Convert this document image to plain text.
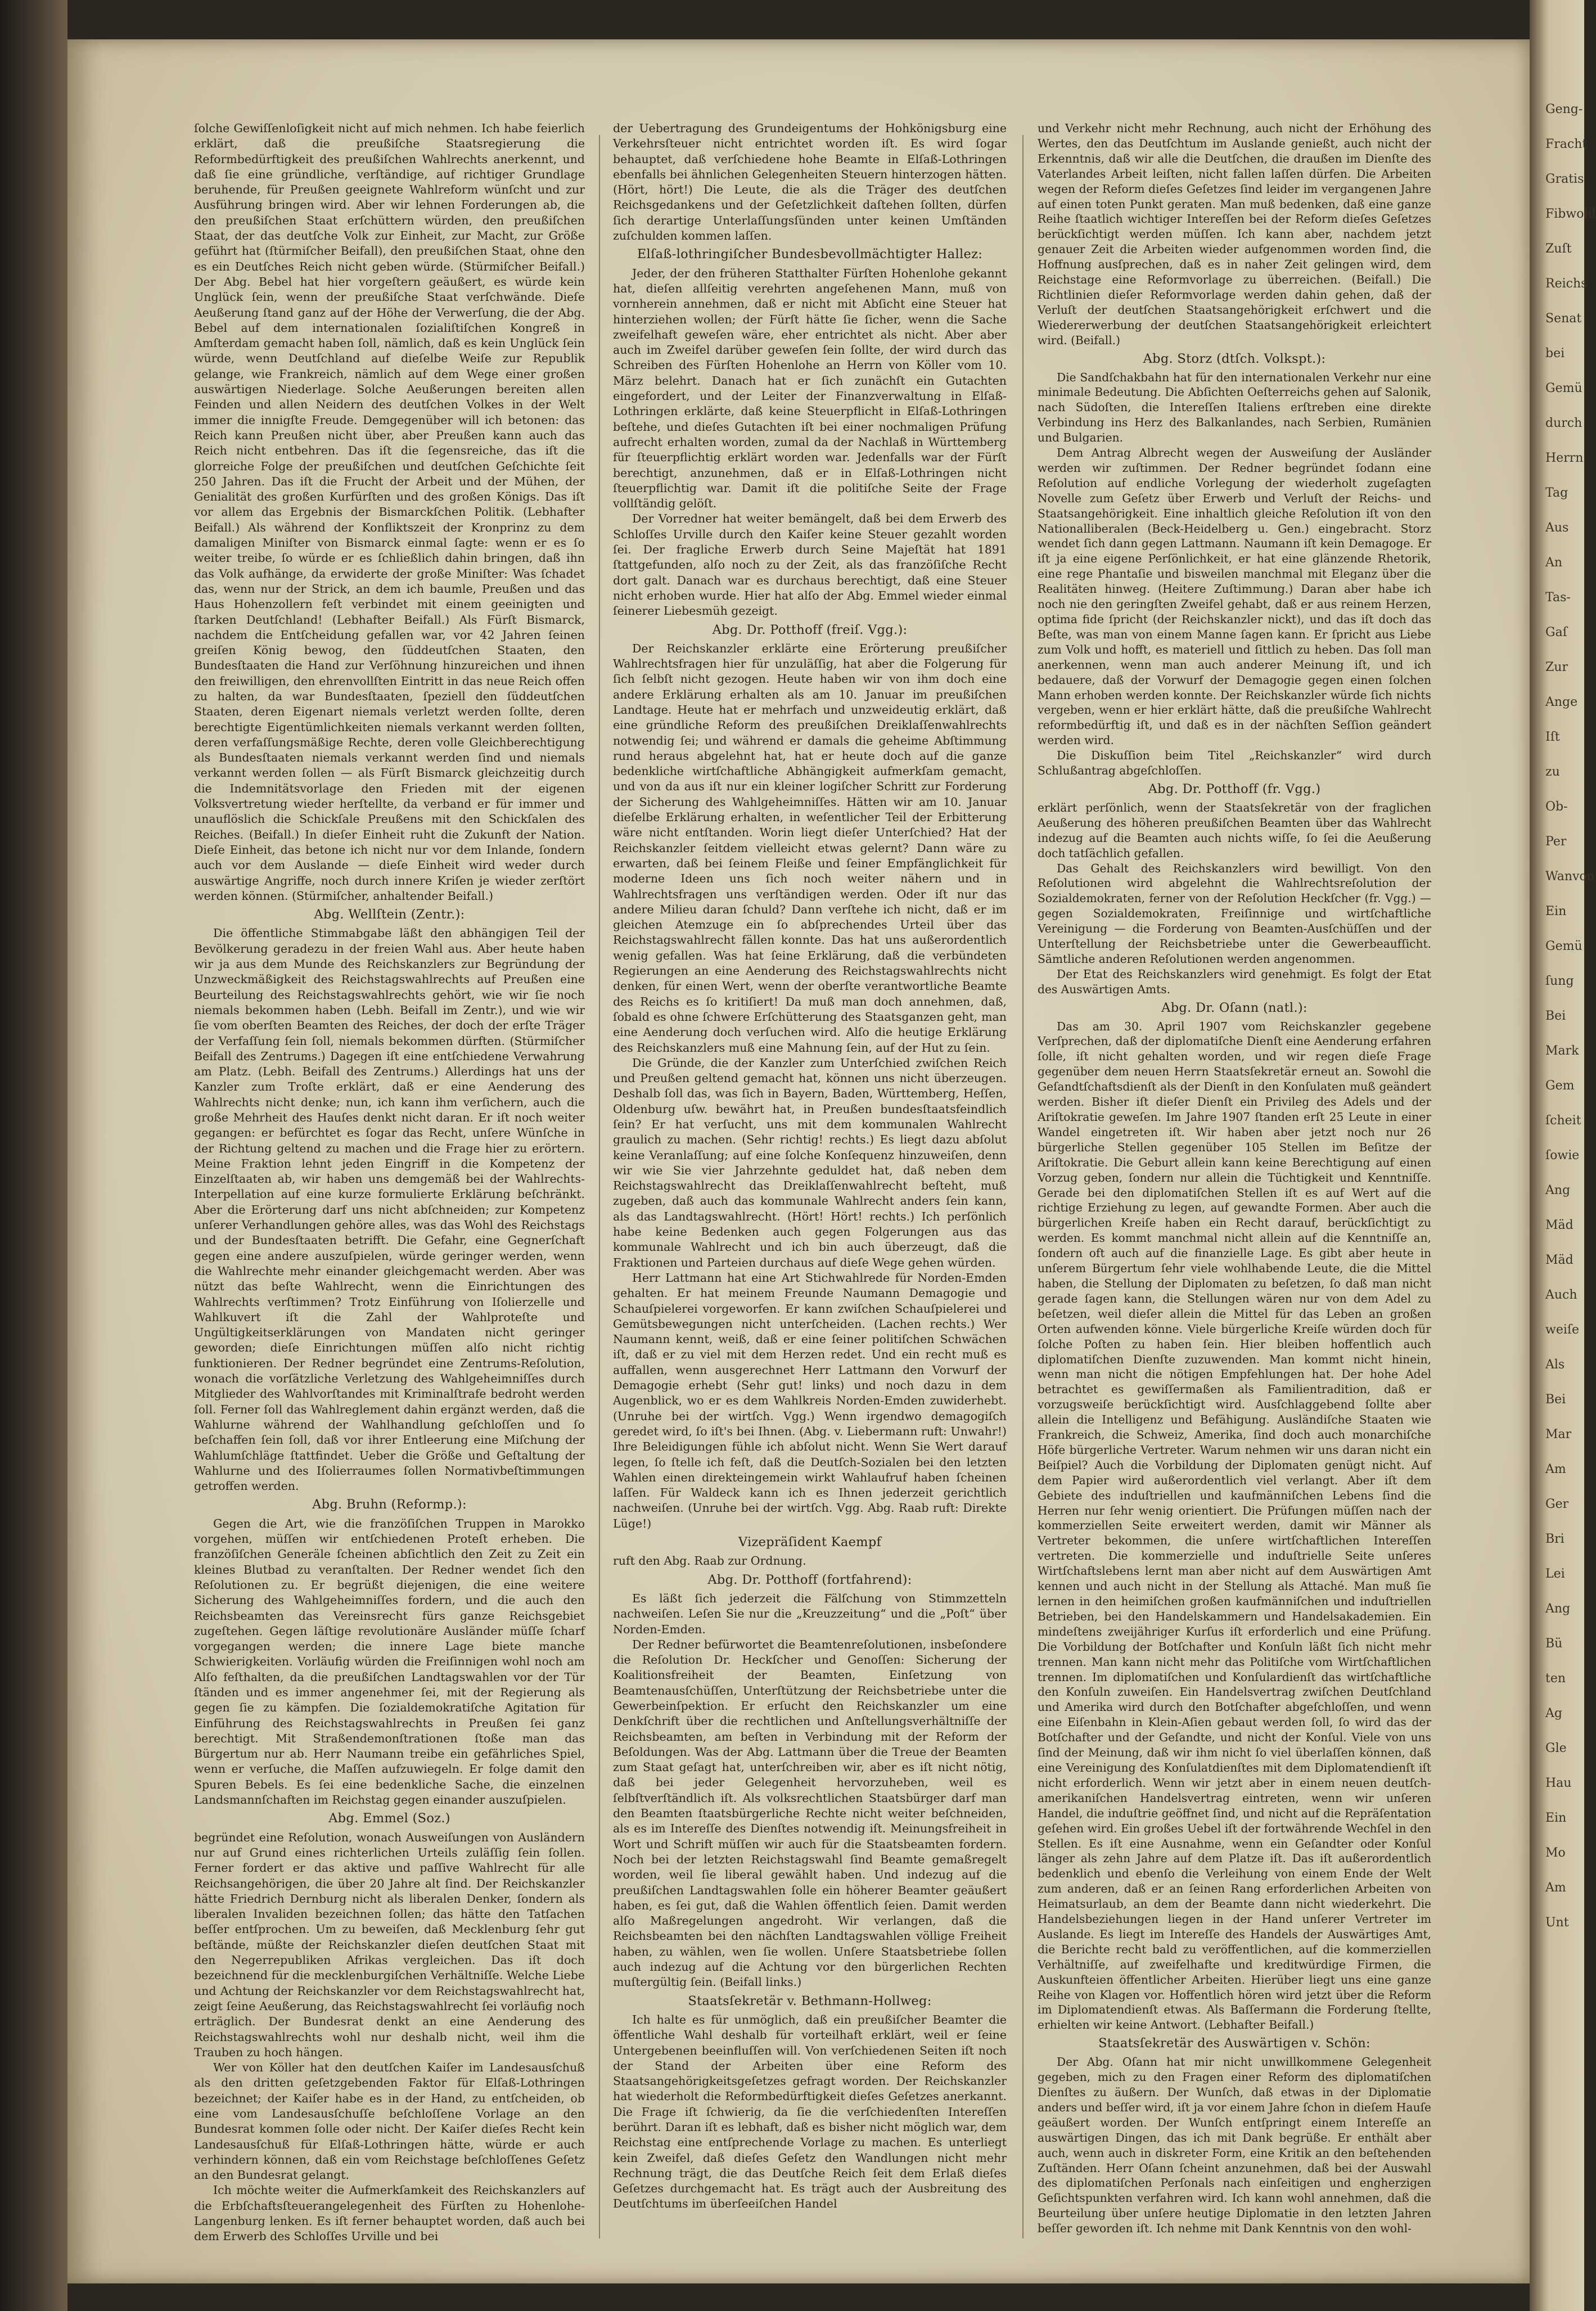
ſolche Gewiſſenloſigkeit nicht auf mich nehmen. Ich habe feierlich erklärt, daß die preußiſche Staatsregierung die Reformbedürftigkeit des preußiſchen Wahlrechts anerkennt, und daß ſie eine gründliche, verſtändige, auf richtiger Grundlage beruhende, für Preußen geeignete Wahlreform wünſcht und zur Ausführung bringen wird. Aber wir lehnen Forderungen ab, die den preußiſchen Staat erſchüttern würden, den preußiſchen Staat, der das deutſche Volk zur Einheit, zur Macht, zur Größe geführt hat (ſtürmiſcher Beifall), den preußiſchen Staat, ohne den es ein Deutſches Reich nicht geben würde. (Stürmiſcher Beifall.) Der Abg. Bebel hat hier vorgeſtern geäußert, es würde kein Unglück ſein, wenn der preußiſche Staat verſchwände. Dieſe Aeußerung ſtand ganz auf der Höhe der Verwerſung, die der Abg. Bebel auf dem internationalen ſozialiſtiſchen Kongreß in Amſterdam gemacht haben ſoll, nämlich, daß es kein Unglück ſein würde, wenn Deutſchland auf dieſelbe Weiſe zur Republik gelange, wie Frankreich, nämlich auf dem Wege einer großen auswärtigen Niederlage. Solche Aeußerungen bereiten allen Feinden und allen Neidern des deutſchen Volkes in der Welt immer die innigſte Freude. Demgegenüber will ich betonen: das Reich kann Preußen nicht über, aber Preußen kann auch das Reich nicht entbehren. Das iſt die ſegensreiche, das iſt die glorreiche Folge der preußiſchen und deutſchen Geſchichte ſeit 250 Jahren. Das iſt die Frucht der Arbeit und der Mühen, der Genialität des großen Kurfürſten und des großen Königs. Das iſt vor allem das Ergebnis der Bismarckſchen Politik. (Lebhafter Beifall.) Als während der Konfliktszeit der Kronprinz zu dem damaligen Miniſter von Bismarck einmal ſagte: wenn er es ſo weiter treibe, ſo würde er es ſchließlich dahin bringen, daß ihn das Volk aufhänge, da erwiderte der große Miniſter: Was ſchadet das, wenn nur der Strick, an dem ich baumle, Preußen und das Haus Hohenzollern feſt verbindet mit einem geeinigten und ſtarken Deutſchland! (Lebhafter Beifall.) Als Fürſt Bismarck, nachdem die Entſcheidung gefallen war, vor 42 Jahren ſeinen greiſen König bewog, den ſüddeutſchen Staaten, den Bundesſtaaten die Hand zur Verſöhnung hinzureichen und ihnen den freiwilligen, den ehrenvollſten Eintritt in das neue Reich offen zu halten, da war Bundesſtaaten, ſpeziell den ſüddeutſchen Staaten, deren Eigenart niemals verletzt werden ſollte, deren berechtigte Eigentümlichkeiten niemals verkannt werden ſollten, deren verfaſſungsmäßige Rechte, deren volle Gleichberechtigung als Bundesſtaaten niemals verkannt werden ſind und niemals verkannt werden ſollen — als Fürſt Bismarck gleichzeitig durch die Indemnitätsvorlage den Frieden mit der eigenen Volksvertretung wieder herſtellte, da verband er für immer und unauflöslich die Schickſale Preußens mit den Schickſalen des Reiches. (Beifall.) In dieſer Einheit ruht die Zukunft der Nation. Dieſe Einheit, das betone ich nicht nur vor dem Inlande, ſondern auch vor dem Auslande — dieſe Einheit wird weder durch auswärtige Angriffe, noch durch innere Kriſen je wieder zerſtört werden können. (Stürmiſcher, anhaltender Beifall.)

Abg. Wellſtein (Zentr.):

Die öffentliche Stimmabgabe läßt den abhängigen Teil der Bevölkerung geradezu in der freien Wahl aus. Aber heute haben wir ja aus dem Munde des Reichskanzlers zur Begründung der Unzweckmäßigkeit des Reichstagswahlrechts auf Preußen eine Beurteilung des Reichstagswahlrechts gehört, wie wir ſie noch niemals bekommen haben (Lebh. Beifall im Zentr.), und wie wir ſie vom oberſten Beamten des Reiches, der doch der erſte Träger der Verfaſſung ſein ſoll, niemals bekommen dürften. (Stürmiſcher Beifall des Zentrums.) Dagegen iſt eine entſchiedene Verwahrung am Platz. (Lebh. Beifall des Zentrums.) Allerdings hat uns der Kanzler zum Troſte erklärt, daß er eine Aenderung des Wahlrechts nicht denke; nun, ich kann ihm verſichern, auch die große Mehrheit des Hauſes denkt nicht daran. Er iſt noch weiter gegangen: er befürchtet es ſogar das Recht, unſere Wünſche in der Richtung geltend zu machen und die Frage hier zu erörtern. Meine Fraktion lehnt jeden Eingriff in die Kompetenz der Einzelſtaaten ab, wir haben uns demgemäß bei der Wahlrechts-Interpellation auf eine kurze formulierte Erklärung beſchränkt. Aber die Erörterung darf uns nicht abſchneiden; zur Kompetenz unſerer Verhandlungen gehöre alles, was das Wohl des Reichstags und der Bundesſtaaten betrifft. Die Gefahr, eine Gegnerſchaft gegen eine andere auszuſpielen, würde geringer werden, wenn die Wahlrechte mehr einander gleichgemacht werden. Aber was nützt das beſte Wahlrecht, wenn die Einrichtungen des Wahlrechts verſtimmen? Trotz Einführung von Iſolierzelle und Wahlkuvert iſt die Zahl der Wahlproteſte und Ungültigkeitserklärungen von Mandaten nicht geringer geworden; dieſe Einrichtungen müſſen alſo nicht richtig funktionieren. Der Redner begründet eine Zentrums-Reſolution, wonach die vorſätzliche Verletzung des Wahlgeheimniſſes durch Mitglieder des Wahlvorſtandes mit Kriminalſtrafe bedroht werden ſoll. Ferner ſoll das Wahlreglement dahin ergänzt werden, daß die Wahlurne während der Wahlhandlung geſchloſſen und ſo beſchaffen ſein ſoll, daß vor ihrer Entleerung eine Miſchung der Wahlumſchläge ſtattfindet. Ueber die Größe und Geſtaltung der Wahlurne und des Iſolierraumes ſollen Normativbeſtimmungen getroffen werden.

Abg. Bruhn (Reformp.):

Gegen die Art, wie die franzöſiſchen Truppen in Marokko vorgehen, müſſen wir entſchiedenen Proteſt erheben. Die franzöſiſchen Generäle ſcheinen abſichtlich den Zeit zu Zeit ein kleines Blutbad zu veranſtalten. Der Redner wendet ſich den Reſolutionen zu. Er begrüßt diejenigen, die eine weitere Sicherung des Wahlgeheimniſſes fordern, und die auch den Reichsbeamten das Vereinsrecht fürs ganze Reichsgebiet zugeſtehen. Gegen läſtige revolutionäre Ausländer müſſe ſcharf vorgegangen werden; die innere Lage biete manche Schwierigkeiten. Vorläufig würden die Freiſinnigen wohl noch am Alſo feſthalten, da die preußiſchen Landtagswahlen vor der Tür ſtänden und es immer angenehmer ſei, mit der Regierung als gegen ſie zu kämpfen. Die ſozialdemokratiſche Agitation für Einführung des Reichstagswahlrechts in Preußen ſei ganz berechtigt. Mit Straßendemonſtrationen ſtoße man das Bürgertum nur ab. Herr Naumann treibe ein gefährliches Spiel, wenn er verſuche, die Maſſen aufzuwiegeln. Er folge damit den Spuren Bebels. Es ſei eine bedenkliche Sache, die einzelnen Landsmannſchaften im Reichstag gegen einander auszuſpielen.

Abg. Emmel (Soz.)

begründet eine Reſolution, wonach Ausweiſungen von Ausländern nur auf Grund eines richterlichen Urteils zuläſſig ſein ſollen. Ferner fordert er das aktive und paſſive Wahlrecht für alle Reichsangehörigen, die über 20 Jahre alt ſind. Der Reichskanzler hätte Friedrich Dernburg nicht als liberalen Denker, ſondern als liberalen Invaliden bezeichnen ſollen; das hätte den Tatſachen beſſer entſprochen. Um zu beweiſen, daß Mecklenburg ſehr gut beſtände, müßte der Reichskanzler dieſen deutſchen Staat mit den Negerrepubliken Afrikas vergleichen. Das iſt doch bezeichnend für die mecklenburgiſchen Verhältniſſe. Welche Liebe und Achtung der Reichskanzler vor dem Reichstagswahlrecht hat, zeigt ſeine Aeußerung, das Reichstagswahlrecht ſei vorläufig noch erträglich. Der Bundesrat denkt an eine Aenderung des Reichstagswahlrechts wohl nur deshalb nicht, weil ihm die Trauben zu hoch hängen.

Wer von Köller hat den deutſchen Kaiſer im Landesausſchuß als den dritten geſetzgebenden Faktor für Elſaß-Lothringen bezeichnet; der Kaiſer habe es in der Hand, zu entſcheiden, ob eine vom Landesausſchuſſe beſchloſſene Vorlage an den Bundesrat kommen ſolle oder nicht. Der Kaiſer dieſes Recht kein Landesausſchuß für Elſaß-Lothringen hätte, würde er auch verhindern können, daß ein vom Reichstage beſchloſſenes Geſetz an den Bundesrat gelangt.

Ich möchte weiter die Aufmerkſamkeit des Reichskanzlers auf die Erbſchaftsſteuerangelegenheit des Fürſten zu Hohenlohe-Langenburg lenken. Es iſt ferner behauptet worden, daß auch bei dem Erwerb des Schloſſes Urville und bei

der Uebertragung des Grundeigentums der Hohkönigsburg eine Verkehrsſteuer nicht entrichtet worden iſt. Es wird ſogar behauptet, daß verſchiedene hohe Beamte in Elſaß-Lothringen ebenfalls bei ähnlichen Gelegenheiten Steuern hinterzogen hätten. (Hört, hört!) Die Leute, die als die Träger des deutſchen Reichsgedankens und der Geſetzlichkeit daſtehen ſollten, dürfen ſich derartige Unterlaſſungsſünden unter keinen Umſtänden zuſchulden kommen laſſen.

Elſaß-lothringiſcher Bundesbevollmächtigter Hallez:

Jeder, der den früheren Statthalter Fürſten Hohenlohe gekannt hat, dieſen allſeitig verehrten angeſehenen Mann, muß von vornherein annehmen, daß er nicht mit Abſicht eine Steuer hat hinterziehen wollen; der Fürſt hätte ſie ſicher, wenn die Sache zweifelhaft geweſen wäre, eher entrichtet als nicht. Aber aber auch im Zweifel darüber geweſen ſein ſollte, der wird durch das Schreiben des Fürſten Hohenlohe an Herrn von Köller vom 10. März belehrt. Danach hat er ſich zunächſt ein Gutachten eingefordert, und der Leiter der Finanzverwaltung in Elſaß-Lothringen erklärte, daß keine Steuerpflicht in Elſaß-Lothringen beſtehe, und dieſes Gutachten iſt bei einer nochmaligen Prüfung aufrecht erhalten worden, zumal da der Nachlaß in Württemberg für ſteuerpflichtig erklärt worden war. Jedenfalls war der Fürſt berechtigt, anzunehmen, daß er in Elſaß-Lothringen nicht ſteuerpflichtig war. Damit iſt die politiſche Seite der Frage vollſtändig gelöſt.

Der Vorredner hat weiter bemängelt, daß bei dem Erwerb des Schloſſes Urville durch den Kaiſer keine Steuer gezahlt worden ſei. Der fragliche Erwerb durch Seine Majeſtät hat 1891 ſtattgefunden, alſo noch zu der Zeit, als das franzöſiſche Recht dort galt. Danach war es durchaus berechtigt, daß eine Steuer nicht erhoben wurde. Hier hat alſo der Abg. Emmel wieder einmal ſeinerer Liebesmüh gezeigt.

Abg. Dr. Potthoff (freiſ. Vgg.):

Der Reichskanzler erklärte eine Erörterung preußiſcher Wahlrechtsfragen hier für unzuläſſig, hat aber die Folgerung für ſich ſelbſt nicht gezogen. Heute haben wir von ihm doch eine andere Erklärung erhalten als am 10. Januar im preußiſchen Landtage. Heute hat er mehrfach und unzweideutig erklärt, daß eine gründliche Reform des preußiſchen Dreiklaſſenwahlrechts notwendig ſei; und während er damals die geheime Abſtimmung rund heraus abgelehnt hat, hat er heute doch auf die ganze bedenkliche wirtſchaftliche Abhängigkeit aufmerkſam gemacht, und von da aus iſt nur ein kleiner logiſcher Schritt zur Forderung der Sicherung des Wahlgeheimniſſes. Hätten wir am 10. Januar dieſelbe Erklärung erhalten, in weſentlicher Teil der Erbitterung wäre nicht entſtanden. Worin liegt dieſer Unterſchied? Hat der Reichskanzler ſeitdem vielleicht etwas gelernt? Dann wäre zu erwarten, daß bei ſeinem Fleiße und ſeiner Empfänglichkeit für moderne Ideen uns ſich noch weiter nähern und in Wahlrechtsfragen uns verſtändigen werden. Oder iſt nur das andere Milieu daran ſchuld? Dann verſtehe ich nicht, daß er im gleichen Atemzuge ein ſo abſprechendes Urteil über das Reichstagswahlrecht fällen konnte. Das hat uns außerordentlich wenig gefallen. Was hat ſeine Erklärung, daß die verbündeten Regierungen an eine Aenderung des Reichstagswahlrechts nicht denken, für einen Wert, wenn der oberſte verantwortliche Beamte des Reichs es ſo kritiſiert! Da muß man doch annehmen, daß, ſobald es ohne ſchwere Erſchütterung des Staatsganzen geht, man eine Aenderung doch verſuchen wird. Alſo die heutige Erklärung des Reichskanzlers muß eine Mahnung ſein, auf der Hut zu ſein.

Die Gründe, die der Kanzler zum Unterſchied zwiſchen Reich und Preußen geltend gemacht hat, können uns nicht überzeugen. Deshalb ſoll das, was ſich in Bayern, Baden, Württemberg, Heſſen, Oldenburg uſw. bewährt hat, in Preußen bundesſtaatsfeindlich ſein? Er hat verſucht, uns mit dem kommunalen Wahlrecht graulich zu machen. (Sehr richtig! rechts.) Es liegt dazu abſolut keine Veranlaſſung; auf eine ſolche Konſequenz hinzuweiſen, denn wir wie Sie vier Jahrzehnte geduldet hat, daß neben dem Reichstagswahlrecht das Dreiklaſſenwahlrecht beſteht, muß zugeben, daß auch das kommunale Wahlrecht anders ſein kann, als das Landtagswahlrecht. (Hört! Hört! rechts.) Ich perſönlich habe keine Bedenken auch gegen Folgerungen aus das kommunale Wahlrecht und ich bin auch überzeugt, daß die Fraktionen und Parteien durchaus auf dieſe Wege gehen würden.

Herr Lattmann hat eine Art Stichwahlrede für Norden-Emden gehalten. Er hat meinem Freunde Naumann Demagogie und Schauſpielerei vorgeworfen. Er kann zwiſchen Schauſpielerei und Gemütsbewegungen nicht unterſcheiden. (Lachen rechts.) Wer Naumann kennt, weiß, daß er eine ſeiner politiſchen Schwächen iſt, daß er zu viel mit dem Herzen redet. Und ein recht muß es auffallen, wenn ausgerechnet Herr Lattmann den Vorwurf der Demagogie erhebt (Sehr gut! links) und noch dazu in dem Augenblick, wo er es dem Wahlkreis Norden-Emden zuwiderhebt. (Unruhe bei der wirtſch. Vgg.) Wenn irgendwo demagogiſch geredet wird, ſo iſt's bei Ihnen. (Abg. v. Liebermann ruft: Unwahr!) Ihre Beleidigungen fühle ich abſolut nicht. Wenn Sie Wert darauf legen, ſo ſtelle ich feſt, daß die Deutſch-Sozialen bei den letzten Wahlen einen direkteingemein wirkt Wahlaufruf haben ſcheinen laſſen. Für Waldeck kann ich es Ihnen jederzeit gerichtlich nachweiſen. (Unruhe bei der wirtſch. Vgg. Abg. Raab ruft: Direkte Lüge!)

Vizepräſident Kaempf

ruft den Abg. Raab zur Ordnung.

Abg. Dr. Potthoff (fortfahrend):

Es läßt ſich jederzeit die Fälſchung von Stimmzetteln nachweiſen. Leſen Sie nur die „Kreuzzeitung“ und die „Poſt“ über Norden-Emden.

Der Redner befürwortet die Beamtenreſolutionen, insbeſondere die Reſolution Dr. Heckſcher und Genoſſen: Sicherung der Koalitionsfreiheit der Beamten, Einſetzung von Beamtenausſchüſſen, Unterſtützung der Reichsbetriebe unter die Gewerbeinſpektion. Er erſucht den Reichskanzler um eine Denkſchrift über die rechtlichen und Anſtellungsverhältniſſe der Reichsbeamten, am beſten in Verbindung mit der Reform der Beſoldungen. Was der Abg. Lattmann über die Treue der Beamten zum Staat geſagt hat, unterſchreiben wir, aber es iſt nicht nötig, daß bei jeder Gelegenheit hervorzuheben, weil es ſelbſtverſtändlich iſt. Als volksrechtlichen Staatsbürger darf man den Beamten ſtaatsbürgerliche Rechte nicht weiter beſchneiden, als es im Intereſſe des Dienſtes notwendig iſt. Meinungsfreiheit in Wort und Schrift müſſen wir auch für die Staatsbeamten fordern. Noch bei der letzten Reichstagswahl ſind Beamte gemaßregelt worden, weil ſie liberal gewählt haben. Und indezug auf die preußiſchen Landtagswahlen ſolle ein höherer Beamter geäußert haben, es ſei gut, daß die Wahlen öffentlich ſeien. Damit werden alſo Maßregelungen angedroht. Wir verlangen, daß die Reichsbeamten bei den nächſten Landtagswahlen völlige Freiheit haben, zu wählen, wen ſie wollen. Unſere Staatsbetriebe ſollen auch indezug auf die Achtung vor den bürgerlichen Rechten muſtergültig ſein. (Beifall links.)

Staatsſekretär v. Bethmann-Hollweg:

Ich halte es für unmöglich, daß ein preußiſcher Beamter die öffentliche Wahl deshalb für vorteilhaft erklärt, weil er ſeine Untergebenen beeinfluſſen will. Von verſchiedenen Seiten iſt noch der Stand der Arbeiten über eine Reform des Staatsangehörigkeitsgeſetzes gefragt worden. Der Reichskanzler hat wiederholt die Reformbedürftigkeit dieſes Geſetzes anerkannt. Die Frage iſt ſchwierig, da ſie die verſchiedenſten Intereſſen berührt. Daran iſt es lebhaft, daß es bisher nicht möglich war, dem Reichstag eine entſprechende Vorlage zu machen. Es unterliegt kein Zweifel, daß dieſes Geſetz den Wandlungen nicht mehr Rechnung trägt, die das Deutſche Reich ſeit dem Erlaß dieſes Geſetzes durchgemacht hat. Es trägt auch der Ausbreitung des Deutſchtums im überſeeiſchen Handel

und Verkehr nicht mehr Rechnung, auch nicht der Erhöhung des Wertes, den das Deutſchtum im Auslande genießt, auch nicht der Erkenntnis, daß wir alle die Deutſchen, die draußen im Dienſte des Vaterlandes Arbeit leiſten, nicht fallen laſſen dürfen. Die Arbeiten wegen der Reform dieſes Geſetzes ſind leider im vergangenen Jahre auf einen toten Punkt geraten. Man muß bedenken, daß eine ganze Reihe ſtaatlich wichtiger Intereſſen bei der Reform dieſes Geſetzes berückſichtigt werden müſſen. Ich kann aber, nachdem jetzt genauer Zeit die Arbeiten wieder aufgenommen worden ſind, die Hoffnung ausſprechen, daß es in naher Zeit gelingen wird, dem Reichstage eine Reformvorlage zu überreichen. (Beifall.) Die Richtlinien dieſer Reformvorlage werden dahin gehen, daß der Verluſt der deutſchen Staatsangehörigkeit erſchwert und die Wiedererwerbung der deutſchen Staatsangehörigkeit erleichtert wird. (Beifall.)

Abg. Storz (dtſch. Volkspt.):

Die Sandſchakbahn hat für den internationalen Verkehr nur eine minimale Bedeutung. Die Abſichten Oeſterreichs gehen auf Salonik, nach Südoſten, die Intereſſen Italiens erſtreben eine direkte Verbindung ins Herz des Balkanlandes, nach Serbien, Rumänien und Bulgarien.

Dem Antrag Albrecht wegen der Ausweiſung der Ausländer werden wir zuſtimmen. Der Redner begründet ſodann eine Reſolution auf endliche Vorlegung der wiederholt zugeſagten Novelle zum Geſetz über Erwerb und Verluſt der Reichs- und Staatsangehörigkeit. Eine inhaltlich gleiche Reſolution iſt von den Nationalliberalen (Beck-Heidelberg u. Gen.) eingebracht. Storz wendet ſich dann gegen Lattmann. Naumann iſt kein Demagoge. Er iſt ja eine eigene Perſönlichkeit, er hat eine glänzende Rhetorik, eine rege Phantaſie und bisweilen manchmal mit Eleganz über die Realitäten hinweg. (Heitere Zuſtimmung.) Daran aber habe ich noch nie den geringſten Zweifel gehabt, daß er aus reinem Herzen, optima fide ſpricht (der Reichskanzler nickt), und das iſt doch das Beſte, was man von einem Manne ſagen kann. Er ſpricht aus Liebe zum Volk und hofft, es materiell und ſittlich zu heben. Das ſoll man anerkennen, wenn man auch anderer Meinung iſt, und ich bedauere, daß der Vorwurf der Demagogie gegen einen ſolchen Mann erhoben werden konnte. Der Reichskanzler würde ſich nichts vergeben, wenn er hier erklärt hätte, daß die preußiſche Wahlrecht reformbedürftig iſt, und daß es in der nächſten Seſſion geändert werden wird.

Die Diskuſſion beim Titel „Reichskanzler“ wird durch Schlußantrag abgeſchloſſen.

Abg. Dr. Potthoff (fr. Vgg.)

erklärt perſönlich, wenn der Staatsſekretär von der fraglichen Aeußerung des höheren preußiſchen Beamten über das Wahlrecht indezug auf die Beamten auch nichts wiſſe, ſo ſei die Aeußerung doch tatſächlich gefallen.

Das Gehalt des Reichskanzlers wird bewilligt. Von den Reſolutionen wird abgelehnt die Wahlrechtsreſolution der Sozialdemokraten, ferner von der Reſolution Heckſcher (fr. Vgg.) — gegen Sozialdemokraten, Freiſinnige und wirtſchaftliche Vereinigung — die Forderung von Beamten-Ausſchüſſen und der Unterſtellung der Reichsbetriebe unter die Gewerbeaufſicht. Sämtliche anderen Reſolutionen werden angenommen.

Der Etat des Reichskanzlers wird genehmigt. Es folgt der Etat des Auswärtigen Amts.

Abg. Dr. Oſann (natl.):

Das am 30. April 1907 vom Reichskanzler gegebene Verſprechen, daß der diplomatiſche Dienſt eine Aenderung erfahren ſolle, iſt nicht gehalten worden, und wir regen dieſe Frage gegenüber dem neuen Herrn Staatsſekretär erneut an. Sowohl die Geſandtſchaftsdienſt als der Dienſt in den Konſulaten muß geändert werden. Bisher iſt dieſer Dienſt ein Privileg des Adels und der Ariſtokratie geweſen. Im Jahre 1907 ſtanden erſt 25 Leute in einer Wandel eingetreten iſt. Wir haben aber jetzt noch nur 26 bürgerliche Stellen gegenüber 105 Stellen im Beſitze der Ariſtokratie. Die Geburt allein kann keine Berechtigung auf einen Vorzug geben, ſondern nur allein die Tüchtigkeit und Kenntniſſe. Gerade bei den diplomatiſchen Stellen iſt es auf Wert auf die richtige Erziehung zu legen, auf gewandte Formen. Aber auch die bürgerlichen Kreiſe haben ein Recht darauf, berückſichtigt zu werden. Es kommt manchmal nicht allein auf die Kenntniſſe an, ſondern oft auch auf die finanzielle Lage. Es gibt aber heute in unſerem Bürgertum ſehr viele wohlhabende Leute, die die Mittel haben, die Stellung der Diplomaten zu beſetzen, ſo daß man nicht gerade ſagen kann, die Stellungen wären nur von dem Adel zu beſetzen, weil dieſer allein die Mittel für das Leben an großen Orten aufwenden könne. Viele bürgerliche Kreiſe würden doch für ſolche Poſten zu haben ſein. Hier bleiben hoffentlich auch diplomatiſchen Dienſte zuzuwenden. Man kommt nicht hinein, wenn man nicht die nötigen Empfehlungen hat. Der hohe Adel betrachtet es gewiſſermaßen als Familientradition, daß er vorzugsweiſe berückſichtigt wird. Ausſchlaggebend ſollte aber allein die Intelligenz und Befähigung. Ausländiſche Staaten wie Frankreich, die Schweiz, Amerika, ſind doch auch monarchiſche Höfe bürgerliche Vertreter. Warum nehmen wir uns daran nicht ein Beiſpiel? Auch die Vorbildung der Diplomaten genügt nicht. Auf dem Papier wird außerordentlich viel verlangt. Aber iſt dem Gebiete des induſtriellen und kaufmänniſchen Lebens ſind die Herren nur ſehr wenig orientiert. Die Prüfungen müſſen nach der kommerziellen Seite erweitert werden, damit wir Männer als Vertreter bekommen, die unſere wirtſchaftlichen Intereſſen vertreten. Die kommerzielle und induſtrielle Seite unſeres Wirtſchaftslebens lernt man aber nicht auf dem Auswärtigen Amt kennen und auch nicht in der Stellung als Attaché. Man muß ſie lernen in den heimiſchen großen kaufmänniſchen und induſtriellen Betrieben, bei den Handelskammern und Handelsakademien. Ein mindeſtens zweijähriger Kurſus iſt erforderlich und eine Prüfung. Die Vorbildung der Botſchafter und Konſuln läßt ſich nicht mehr trennen. Man kann nicht mehr das Politiſche vom Wirtſchaftlichen trennen. Im diplomatiſchen und Konſulardienſt das wirtſchaftliche den Konſuln zuweiſen. Ein Handelsvertrag zwiſchen Deutſchland und Amerika wird durch den Botſchafter abgeſchloſſen, und wenn eine Eiſenbahn in Klein-Aſien gebaut werden ſoll, ſo wird das der Botſchafter und der Geſandte, und nicht der Konſul. Viele von uns ſind der Meinung, daß wir ihm nicht ſo viel überlaſſen können, daß eine Vereinigung des Konſulatdienſtes mit dem Diplomatendienſt iſt nicht erforderlich. Wenn wir jetzt aber in einem neuen deutſch-amerikaniſchen Handelsvertrag eintreten, wenn wir unſeren Handel, die induſtrie geöffnet ſind, und nicht auf die Repräſentation geſehen wird. Ein großes Uebel iſt der fortwährende Wechſel in den Stellen. Es iſt eine Ausnahme, wenn ein Geſandter oder Konſul länger als zehn Jahre auf dem Platze iſt. Das iſt außerordentlich bedenklich und ebenſo die Verleihung von einem Ende der Welt zum anderen, daß er an ſeinen Rang erforderlichen Arbeiten von Heimatsurlaub, an dem der Beamte dann nicht wiederkehrt. Die Handelsbeziehungen liegen in der Hand unſerer Vertreter im Auslande. Es liegt im Intereſſe des Handels der Auswärtiges Amt, die Berichte recht bald zu veröffentlichen, auf die kommerziellen Verhältniſſe, auf zweifelhafte und kreditwürdige Firmen, die Auskunfteien öffentlicher Arbeiten. Hierüber liegt uns eine ganze Reihe von Klagen vor. Hoffentlich hören wird jetzt über die Reform im Diplomatendienſt etwas. Als Baſſermann die Forderung ſtellte, erhielten wir keine Antwort. (Lebhafter Beifall.)

Staatsſekretär des Auswärtigen v. Schön:

Der Abg. Oſann hat mir nicht unwillkommene Gelegenheit gegeben, mich zu den Fragen einer Reform des diplomatiſchen Dienſtes zu äußern. Der Wunſch, daß etwas in der Diplomatie anders und beſſer wird, iſt ja vor einem Jahre ſchon in dieſem Hauſe geäußert worden. Der Wunſch entſpringt einem Intereſſe an auswärtigen Dingen, das ich mit Dank begrüße. Er enthält aber auch, wenn auch in diskreter Form, eine Kritik an den beſtehenden Zuſtänden. Herr Oſann ſcheint anzunehmen, daß bei der Auswahl des diplomatiſchen Perſonals nach einſeitigen und engherzigen Geſichtspunkten verfahren wird. Ich kann wohl annehmen, daß die Beurteilung über unſere heutige Diplomatie in den letzten Jahren beſſer geworden iſt. Ich nehme mit Dank Kenntnis von den wohl-

Geng-
Fracht
Gratis
Fibwohl
Zuſt
Reichs
Senat
bei
Gemü
durch
Herrn
Tag
Aus
An
Tas-
Gaſ
Zur
Ange
Iſt
zu
Ob-
Per
Wanvon
Ein
Gemü
ſung
Bei
Mark
Gem
ſcheit
ſowie
Ang
Mäd
Mäd
Auch
weiſe
Als
Bei
Mar
Am
Ger
Bri
Lei
Ang
Bü
ten
Ag
Gle
Hau
Ein
Mo
Am
Unt
